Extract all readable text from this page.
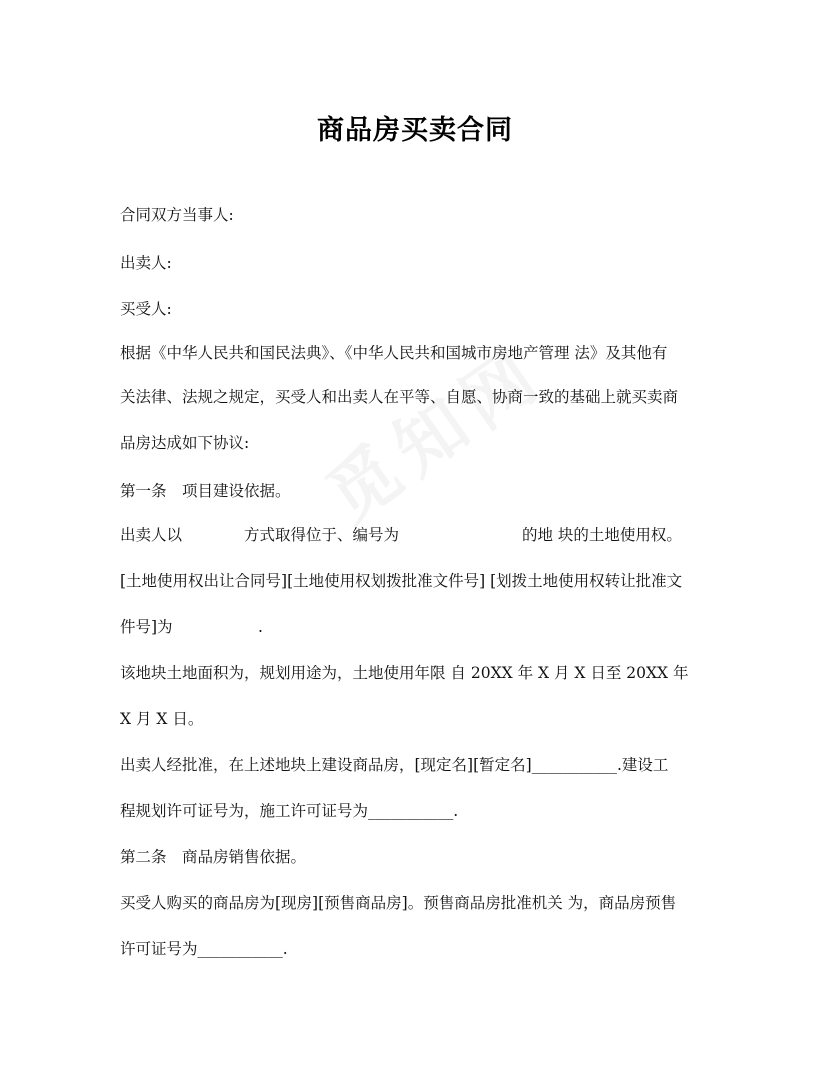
商品房买卖合同
合同双方当事人:
出卖人:
买受人:
根据《中华人民共和国民法典》、《中华人民共和国城市房地产管理 法》及其他有
关法律、法规之规定，买受人和出卖人在平等、自愿、协商一致的基础上就买卖商
品房达成如下协议:
第一条　项目建设依据。
出卖人以	方式取得位于、编号为	的地 块的土地使用权。
[土地使用权出让合同号][土地使用权划拨批准文件号] [划拨土地使用权转让批准文
件号]为	.
该地块土地面积为，规划用途为，土地使用年限 自 20XX 年 X 月 X 日至 20XX 年
X 月 X 日。
出卖人经批准，在上述地块上建设商品房，[现定名][暂定名]___________.建设工
程规划许可证号为，施工许可证号为___________.
第二条　商品房销售依据。
买受人购买的商品房为[现房][预售商品房]。预售商品房批准机关 为，商品房预售
许可证号为___________.
